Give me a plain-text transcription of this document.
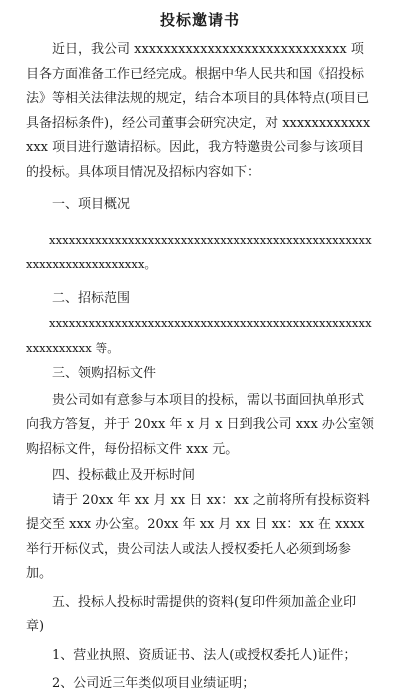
投标邀请书

近日，我公司 xxxxxxxxxxxxxxxxxxxxxxxxxxxxx 项目各方面准备工作已经完成。根据中华人民共和国《招投标法》等相关法律法规的规定，结合本项目的具体特点(项目已具备招标条件)，经公司董事会研究决定，对 xxxxxxxxxxxxxxx 项目进行邀请招标。因此，我方特邀贵公司参与该项目的投标。具体项目情况及招标内容如下：

一、项目概况

xxxxxxxxxxxxxxxxxxxxxxxxxxxxxxxxxxxxxxxxxxxxxxxxxxxxxxxxxxxxxxxxxxx。

二、招标范围

xxxxxxxxxxxxxxxxxxxxxxxxxxxxxxxxxxxxxxxxxxxxxxxxxxxxxxxxxxx 等。

三、领购招标文件

贵公司如有意参与本项目的投标，需以书面回执单形式向我方答复，并于 20xx 年 x 月 x 日到我公司 xxx 办公室领购招标文件，每份招标文件 xxx 元。

四、投标截止及开标时间

请于 20xx 年 xx 月 xx 日 xx：xx 之前将所有投标资料提交至 xxx 办公室。20xx 年 xx 月 xx 日 xx：xx 在 xxxx 举行开标仪式，贵公司法人或法人授权委托人必须到场参加。

五、投标人投标时需提供的资料(复印件须加盖企业印章)

1、营业执照、资质证书、法人(或授权委托人)证件；

2、公司近三年类似项目业绩证明；
